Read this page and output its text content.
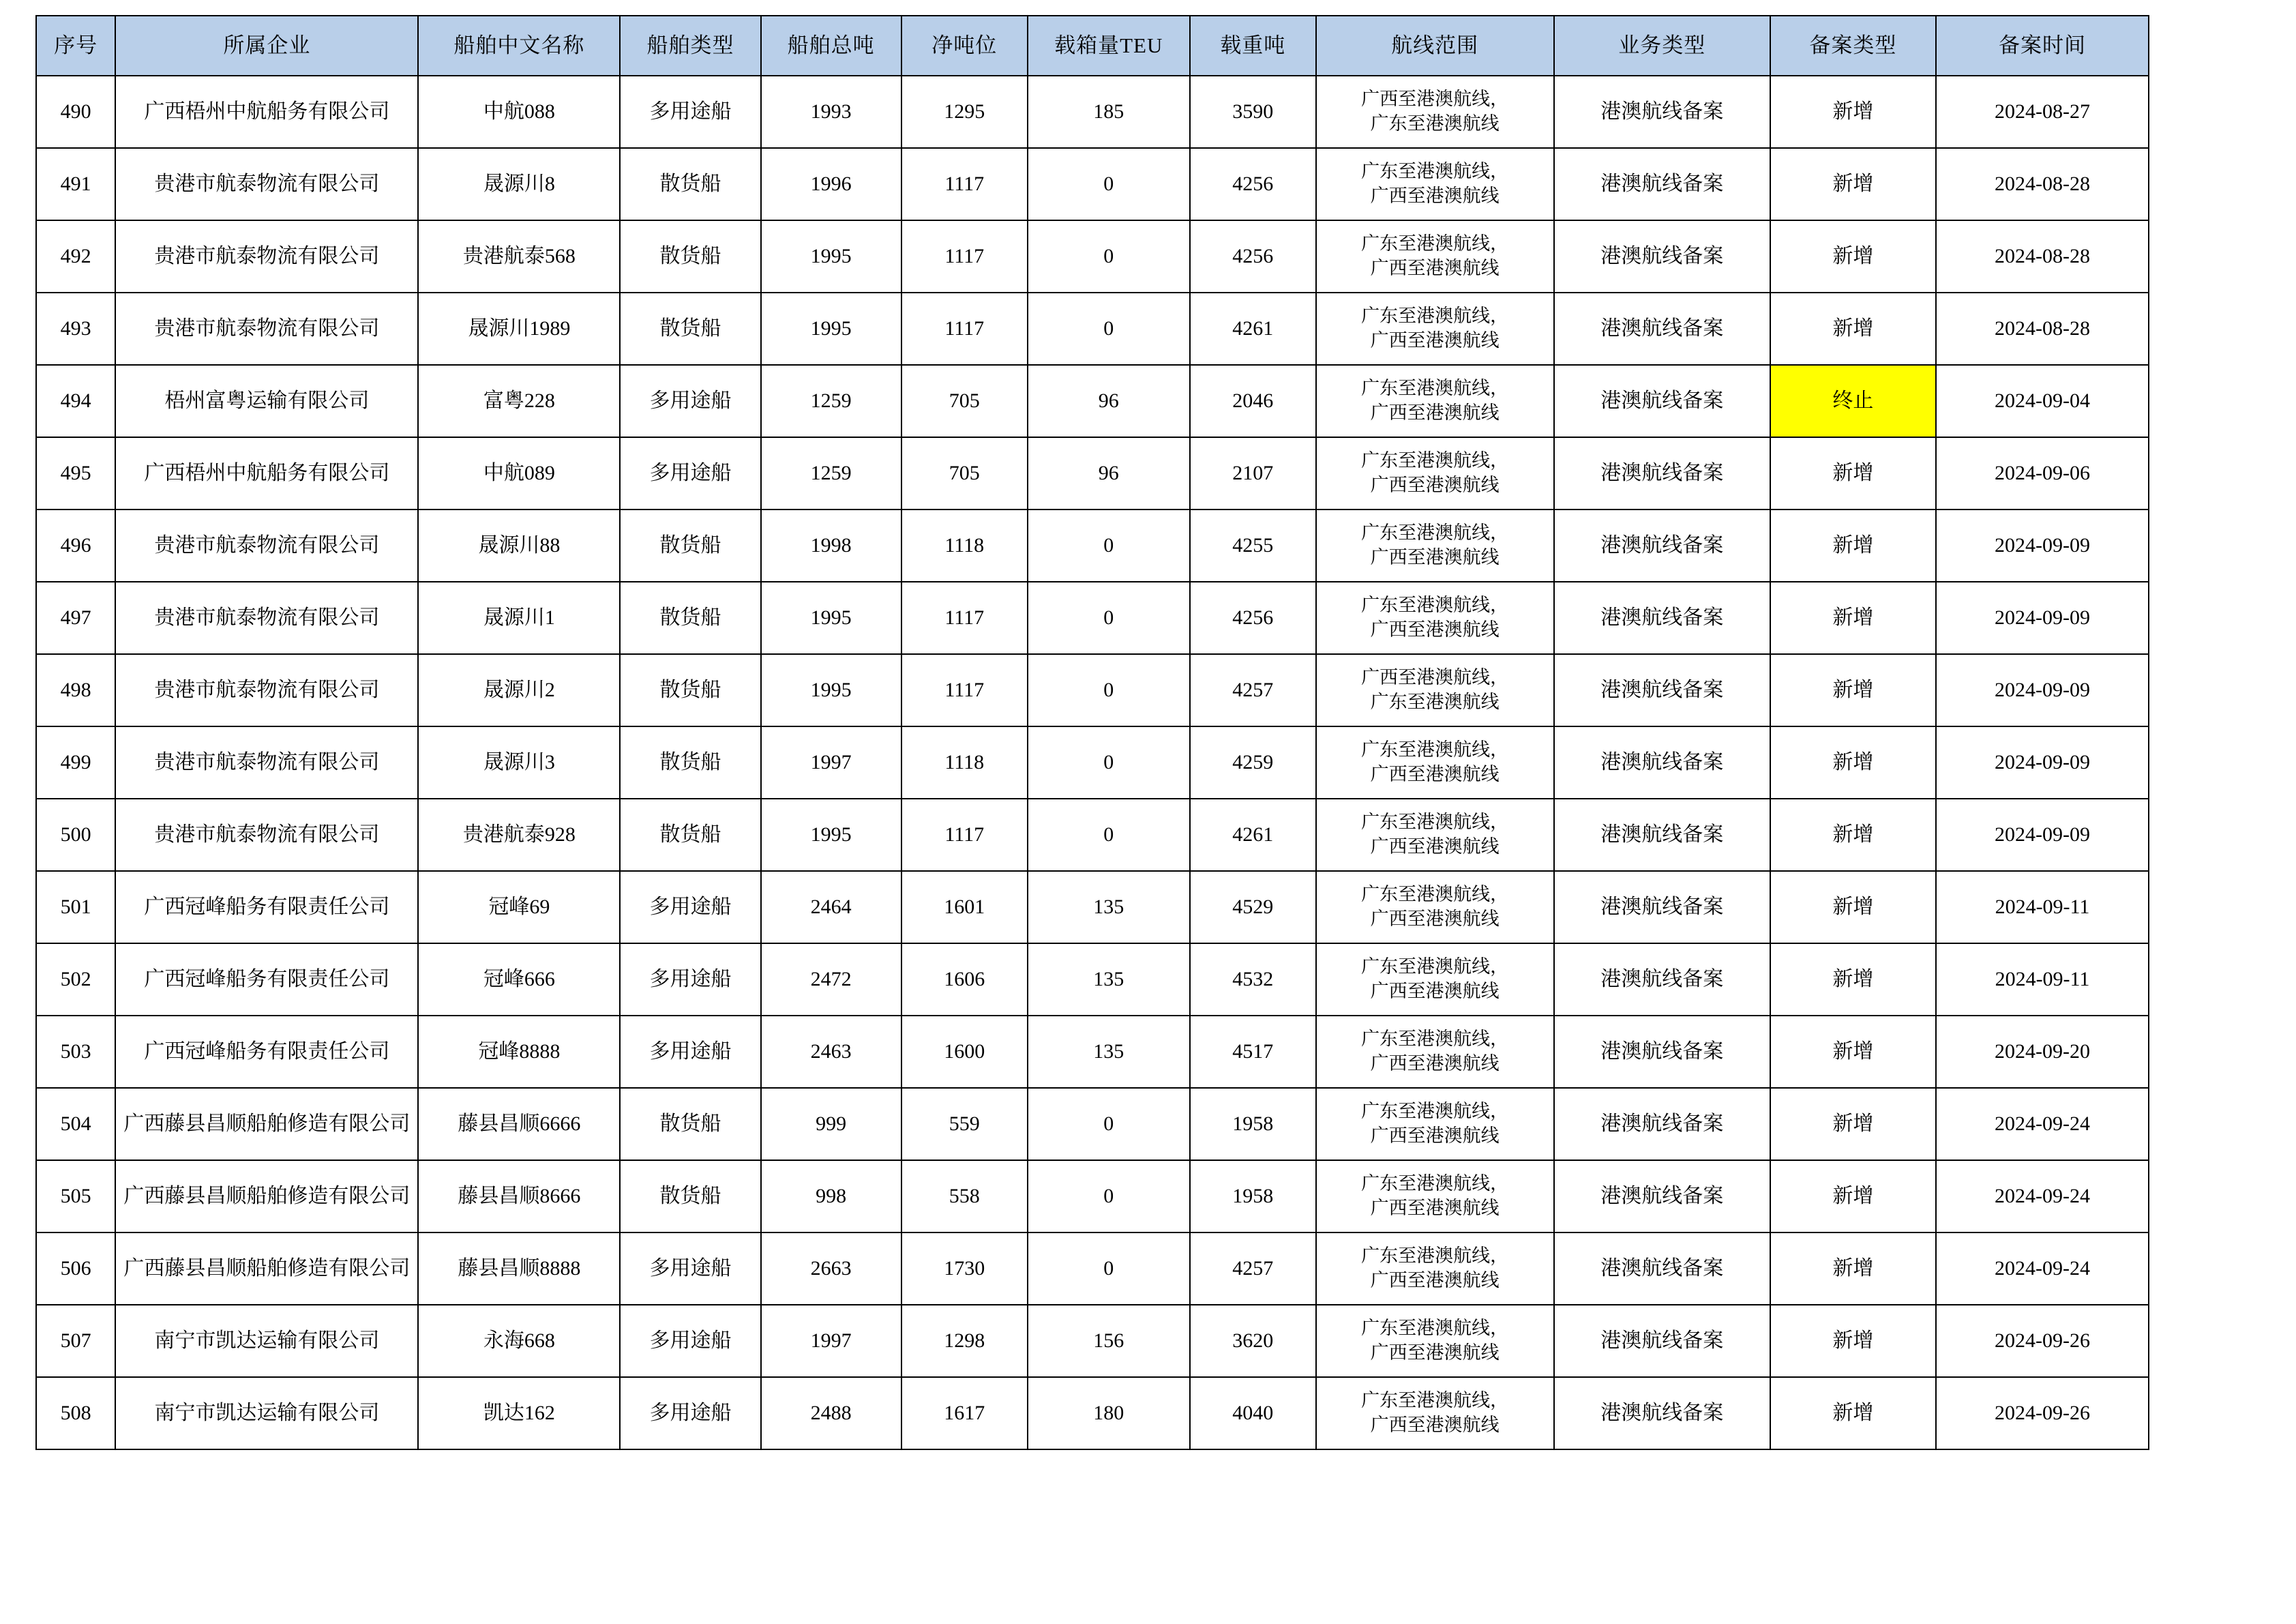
序号	所属企业	船舶中文名称	船舶类型	船舶总吨	净吨位	载箱量TEU	载重吨	航线范围	业务类型	备案类型	备案时间
490	广西梧州中航船务有限公司	中航088	多用途船	1993	1295	185	3590	广西至港澳航线，
广东至港澳航线	港澳航线备案	新增	2024-08-27
491	贵港市航泰物流有限公司	晟源川8	散货船	1996	1117	0	4256	广东至港澳航线，
广西至港澳航线	港澳航线备案	新增	2024-08-28
492	贵港市航泰物流有限公司	贵港航泰568	散货船	1995	1117	0	4256	广东至港澳航线，
广西至港澳航线	港澳航线备案	新增	2024-08-28
493	贵港市航泰物流有限公司	晟源川1989	散货船	1995	1117	0	4261	广东至港澳航线，
广西至港澳航线	港澳航线备案	新增	2024-08-28
494	梧州富粤运输有限公司	富粤228	多用途船	1259	705	96	2046	广东至港澳航线，
广西至港澳航线	港澳航线备案	终止	2024-09-04
495	广西梧州中航船务有限公司	中航089	多用途船	1259	705	96	2107	广东至港澳航线，
广西至港澳航线	港澳航线备案	新增	2024-09-06
496	贵港市航泰物流有限公司	晟源川88	散货船	1998	1118	0	4255	广东至港澳航线，
广西至港澳航线	港澳航线备案	新增	2024-09-09
497	贵港市航泰物流有限公司	晟源川1	散货船	1995	1117	0	4256	广东至港澳航线，
广西至港澳航线	港澳航线备案	新增	2024-09-09
498	贵港市航泰物流有限公司	晟源川2	散货船	1995	1117	0	4257	广西至港澳航线，
广东至港澳航线	港澳航线备案	新增	2024-09-09
499	贵港市航泰物流有限公司	晟源川3	散货船	1997	1118	0	4259	广东至港澳航线，
广西至港澳航线	港澳航线备案	新增	2024-09-09
500	贵港市航泰物流有限公司	贵港航泰928	散货船	1995	1117	0	4261	广东至港澳航线，
广西至港澳航线	港澳航线备案	新增	2024-09-09
501	广西冠峰船务有限责任公司	冠峰69	多用途船	2464	1601	135	4529	广东至港澳航线，
广西至港澳航线	港澳航线备案	新增	2024-09-11
502	广西冠峰船务有限责任公司	冠峰666	多用途船	2472	1606	135	4532	广东至港澳航线，
广西至港澳航线	港澳航线备案	新增	2024-09-11
503	广西冠峰船务有限责任公司	冠峰8888	多用途船	2463	1600	135	4517	广东至港澳航线，
广西至港澳航线	港澳航线备案	新增	2024-09-20
504	广西藤县昌顺船舶修造有限公司	藤县昌顺6666	散货船	999	559	0	1958	广东至港澳航线，
广西至港澳航线	港澳航线备案	新增	2024-09-24
505	广西藤县昌顺船舶修造有限公司	藤县昌顺8666	散货船	998	558	0	1958	广东至港澳航线，
广西至港澳航线	港澳航线备案	新增	2024-09-24
506	广西藤县昌顺船舶修造有限公司	藤县昌顺8888	多用途船	2663	1730	0	4257	广东至港澳航线，
广西至港澳航线	港澳航线备案	新增	2024-09-24
507	南宁市凯达运输有限公司	永海668	多用途船	1997	1298	156	3620	广东至港澳航线，
广西至港澳航线	港澳航线备案	新增	2024-09-26
508	南宁市凯达运输有限公司	凯达162	多用途船	2488	1617	180	4040	广东至港澳航线，
广西至港澳航线	港澳航线备案	新增	2024-09-26
